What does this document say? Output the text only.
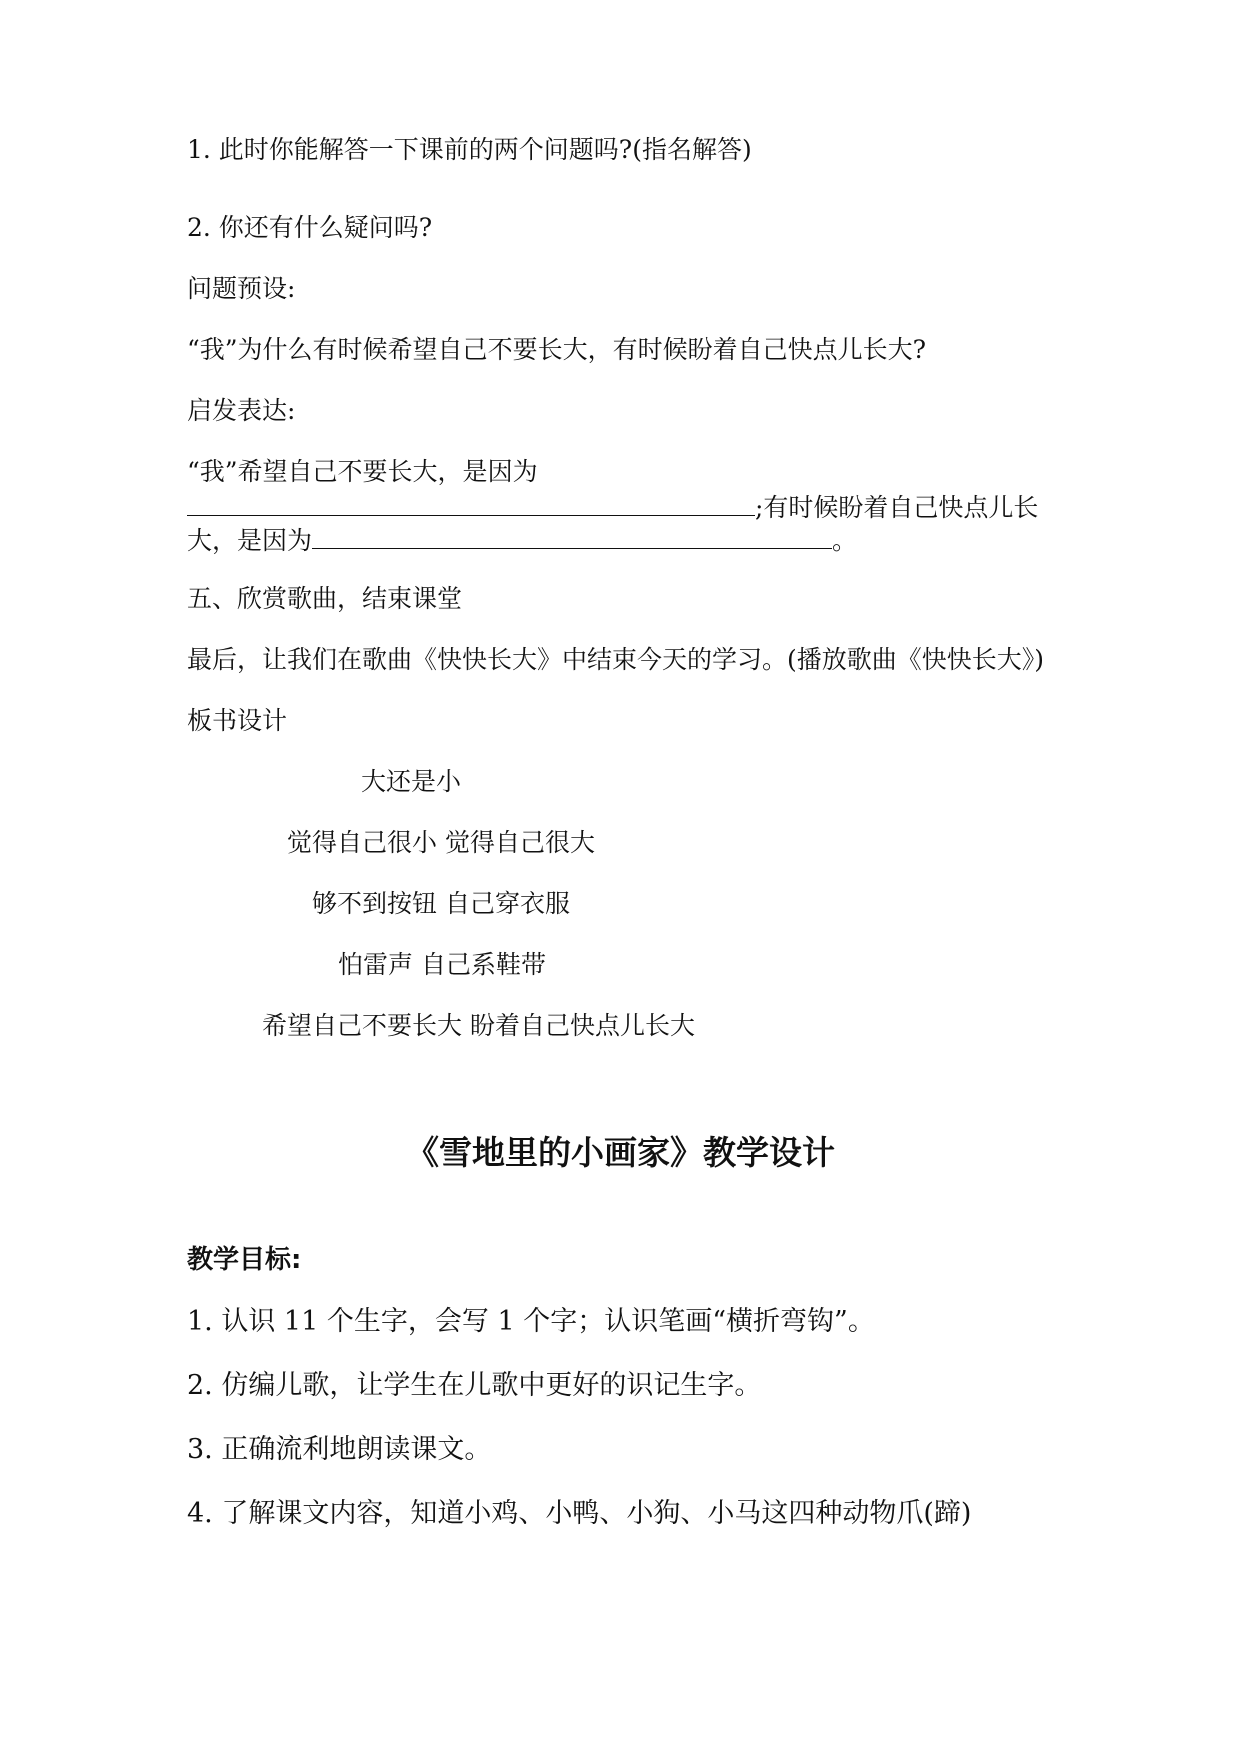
1. 此时你能解答一下课前的两个问题吗?(指名解答)
2. 你还有什么疑问吗?
问题预设:
“我”为什么有时候希望自己不要长大，有时候盼着自己快点儿长大?
启发表达:
“我”希望自己不要长大，是因为
;有时候盼着自己快点儿长
大，是因为	。
五、欣赏歌曲，结束课堂
最后，让我们在歌曲《快快长大》中结束今天的学习。(播放歌曲《快快长大》)
板书设计
大还是小
觉得自己很小 觉得自己很大
够不到按钮 自己穿衣服
怕雷声 自己系鞋带
希望自己不要长大 盼着自己快点儿长大
《雪地里的小画家》教学设计
教学目标:
1. 认识 11 个生字，会写 1 个字；认识笔画“横折弯钩”。
2. 仿编儿歌，让学生在儿歌中更好的识记生字。
3. 正确流利地朗读课文。
4. 了解课文内容，知道小鸡、小鸭、小狗、小马这四种动物爪(蹄)
